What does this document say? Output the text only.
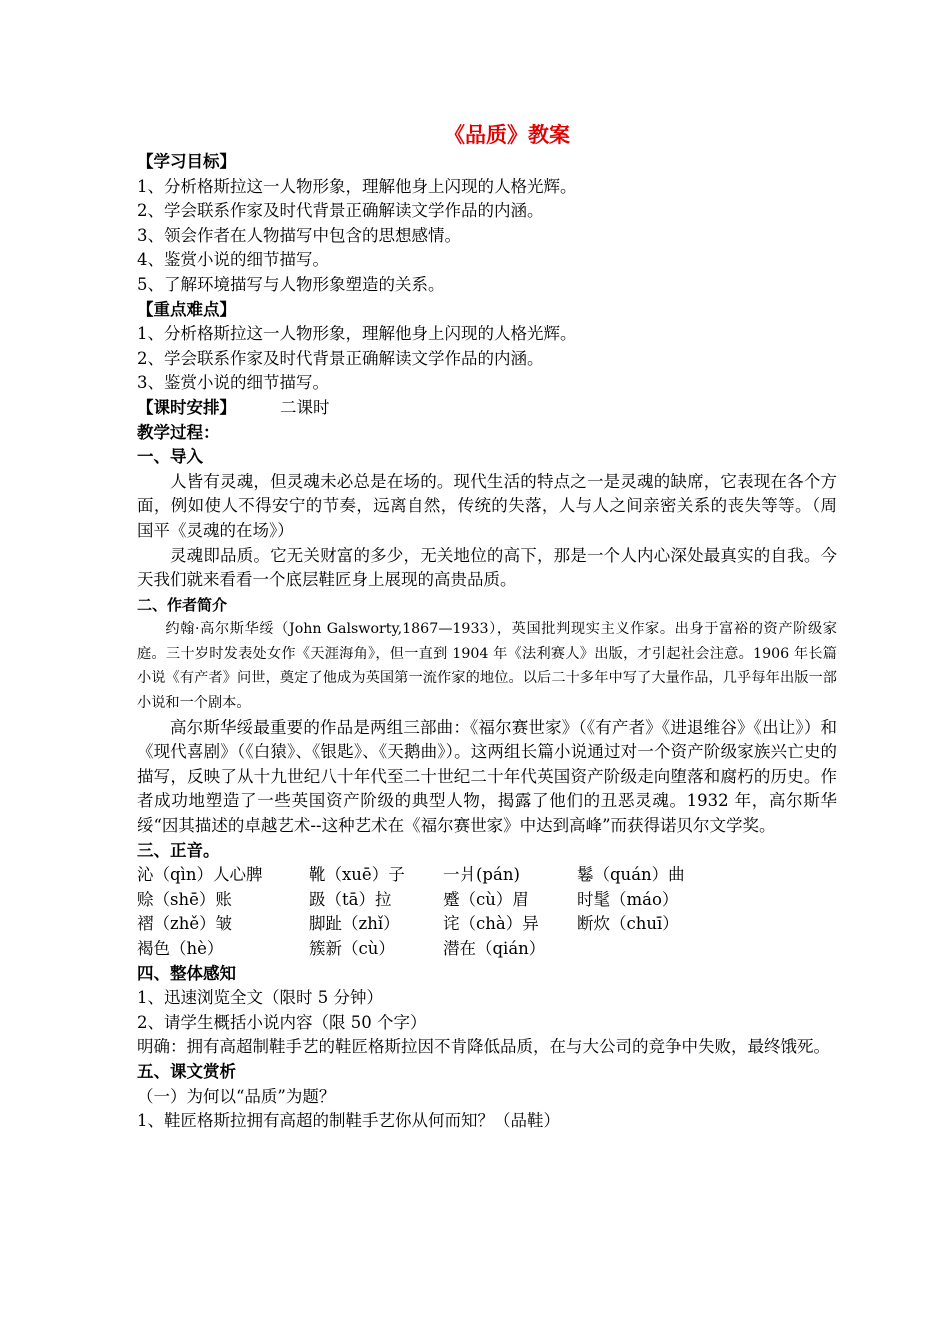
《品质》教案
【学习目标】
1、分析格斯拉这一人物形象，理解他身上闪现的人格光辉。
2、学会联系作家及时代背景正确解读文学作品的内涵。
3、领会作者在人物描写中包含的思想感情。
4、鉴赏小说的细节描写。
5、了解环境描写与人物形象塑造的关系。
【重点难点】
1、分析格斯拉这一人物形象，理解他身上闪现的人格光辉。
2、学会联系作家及时代背景正确解读文学作品的内涵。
3、鉴赏小说的细节描写。
【课时安排】	二课时
教学过程：
一、导入
人皆有灵魂，但灵魂未必总是在场的。现代生活的特点之一是灵魂的缺席，它表现在各个方面，例如使人不得安宁的节奏，远离自然，传统的失落，人与人之间亲密关系的丧失等等。（周国平《灵魂的在场》）
灵魂即品质。它无关财富的多少，无关地位的高下，那是一个人内心深处最真实的自我。今天我们就来看看一个底层鞋匠身上展现的高贵品质。
二、作者简介
约翰·高尔斯华绥（John Galsworty,1867—1933），英国批判现实主义作家。出身于富裕的资产阶级家庭。三十岁时发表处女作《天涯海角》，但一直到 1904 年《法利赛人》出版，才引起社会注意。1906 年长篇小说《有产者》问世，奠定了他成为英国第一流作家的地位。以后二十多年中写了大量作品，几乎每年出版一部小说和一个剧本。
高尔斯华绥最重要的作品是两组三部曲：《福尔赛世家》（《有产者》《进退维谷》《出让》）和《现代喜剧》（《白猿》、《银匙》、《天鹅曲》）。这两组长篇小说通过对一个资产阶级家族兴亡史的描写，反映了从十九世纪八十年代至二十世纪二十年代英国资产阶级走向堕落和腐朽的历史。作者成功地塑造了一些英国资产阶级的典型人物，揭露了他们的丑恶灵魂。1932 年，高尔斯华绥“因其描述的卓越艺术--这种艺术在《福尔赛世家》中达到高峰”而获得诺贝尔文学奖。
三、正音。
沁（qìn）人心脾	靴（xuē）子	一爿(pán)	鬈（quán）曲
赊（shē）账	趿（tā）拉	蹙（cù）眉	时髦（máo）
褶（zhě）皱	脚趾（zhǐ）	诧（chà）异	断炊（chuī）
褐色（hè）	簇新（cù）	潜在（qián）
四、整体感知
1、迅速浏览全文（限时 5 分钟）
2、请学生概括小说内容（限 50 个字）
明确：拥有高超制鞋手艺的鞋匠格斯拉因不肯降低品质，在与大公司的竞争中失败，最终饿死。
五、课文赏析
（一）为何以“品质”为题？
1、鞋匠格斯拉拥有高超的制鞋手艺你从何而知？（品鞋）
